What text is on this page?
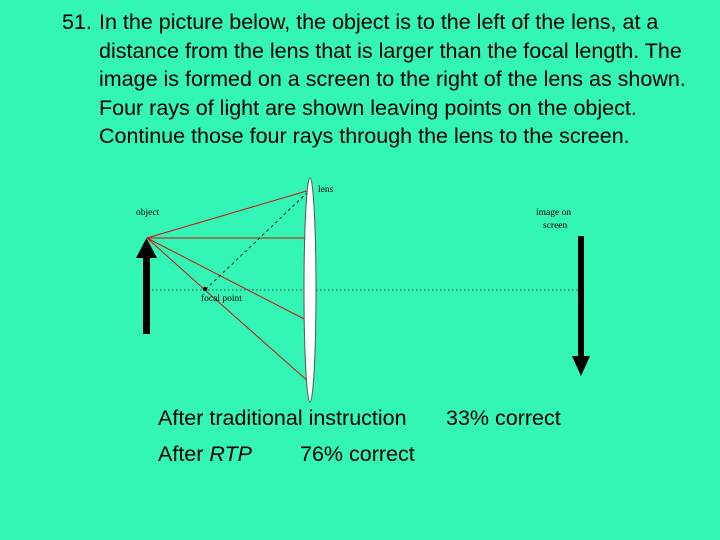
51. In the picture below, the object is to the left of the lens, at a distance from the lens that is larger than the focal length. The image is formed on a screen to the right of the lens as shown. Four rays of light are shown leaving points on the object. Continue those four rays through the lens to the screen.
lens
object	image on
screen
focal point
After traditional instruction 33% correct
After RTP 76% correct
